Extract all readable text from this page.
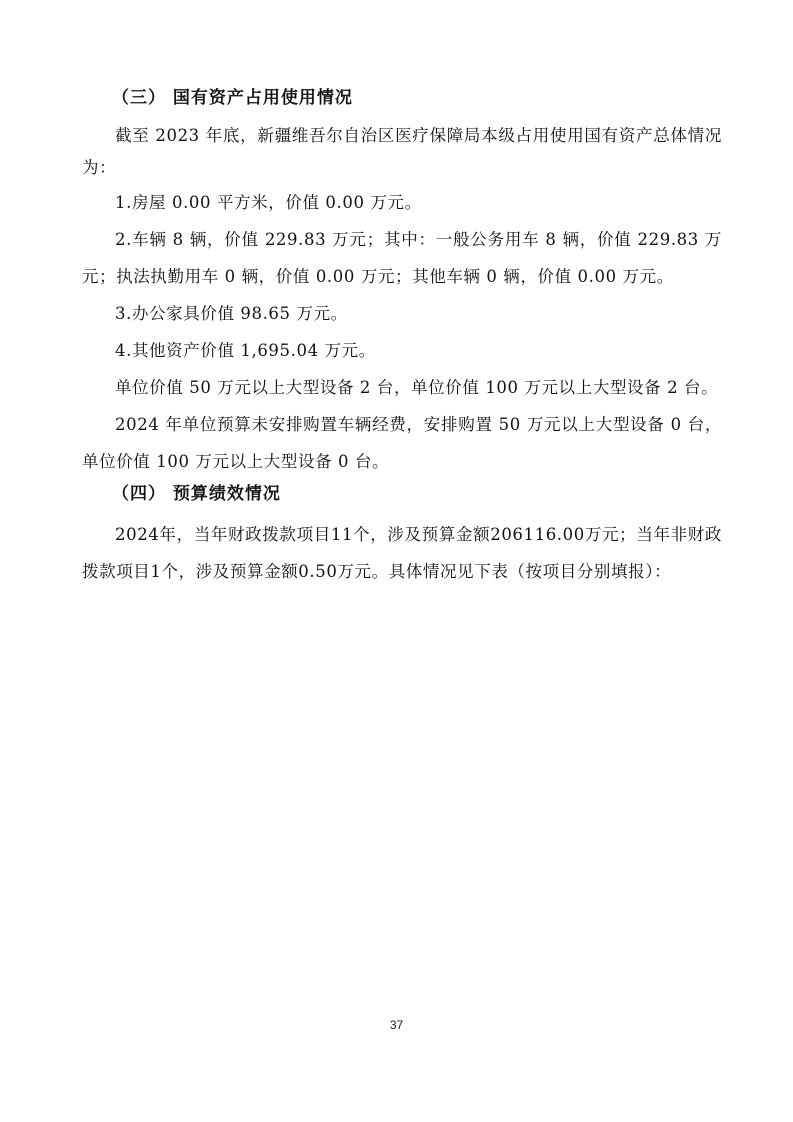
（三） 国有资产占用使用情况

截至 2023 年底，新疆维吾尔自治区医疗保障局本级占用使用国有资产总体情况为：

1.房屋 0.00 平方米，价值 0.00 万元。

2.车辆 8 辆，价值 229.83 万元；其中：一般公务用车 8 辆，价值 229.83 万元；执法执勤用车 0 辆，价值 0.00 万元；其他车辆 0 辆，价值 0.00 万元。

3.办公家具价值 98.65 万元。

4.其他资产价值 1,695.04 万元。

单位价值 50 万元以上大型设备 2 台，单位价值 100 万元以上大型设备 2 台。

2024 年单位预算未安排购置车辆经费，安排购置 50 万元以上大型设备 0 台，单位价值 100 万元以上大型设备 0 台。

（四） 预算绩效情况

2024年，当年财政拨款项目11个，涉及预算金额206116.00万元；当年非财政拨款项目1个，涉及预算金额0.50万元。具体情况见下表（按项目分别填报）：

37
